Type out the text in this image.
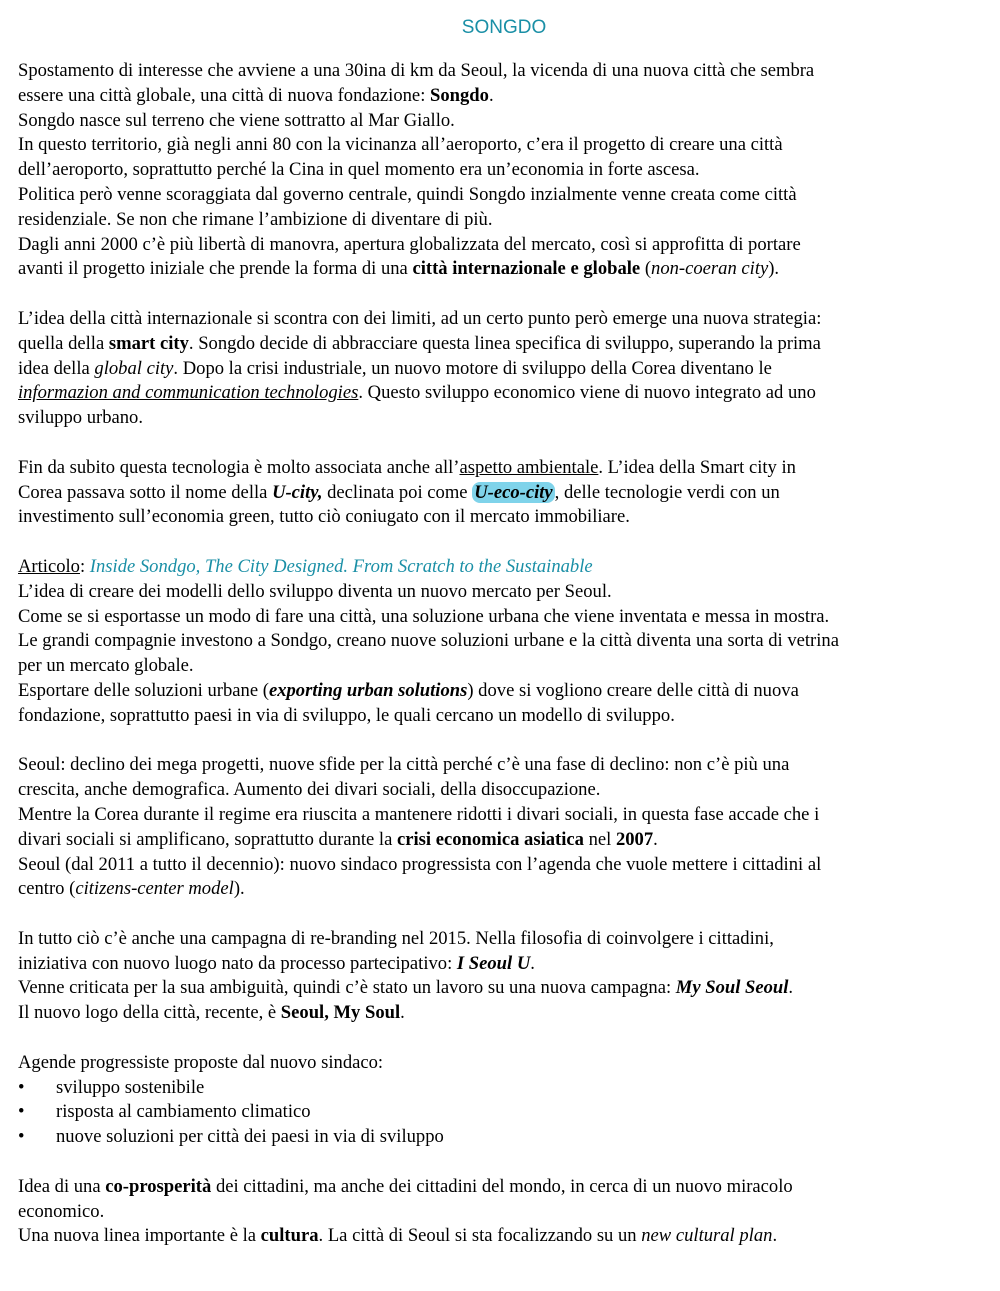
SONGDO
Spostamento di interesse che avviene a una 30ina di km da Seoul, la vicenda di una nuova città che sembra
essere una città globale, una città di nuova fondazione: Songdo.
Songdo nasce sul terreno che viene sottratto al Mar Giallo.
In questo territorio, già negli anni 80 con la vicinanza all’aeroporto, c’era il progetto di creare una città
dell’aeroporto, soprattutto perché la Cina in quel momento era un’economia in forte ascesa.
Politica però venne scoraggiata dal governo centrale, quindi Songdo inzialmente venne creata come città
residenziale. Se non che rimane l’ambizione di diventare di più.
Dagli anni 2000 c’è più libertà di manovra, apertura globalizzata del mercato, così si approfitta di portare
avanti il progetto iniziale che prende la forma di una città internazionale e globale (non-coeran city).
L’idea della città internazionale si scontra con dei limiti, ad un certo punto però emerge una nuova strategia:
quella della smart city. Songdo decide di abbracciare questa linea specifica di sviluppo, superando la prima
idea della global city. Dopo la crisi industriale, un nuovo motore di sviluppo della Corea diventano le
informazion and communication technologies. Questo sviluppo economico viene di nuovo integrato ad uno
sviluppo urbano.
Fin da subito questa tecnologia è molto associata anche all’aspetto ambientale. L’idea della Smart city in
Corea passava sotto il nome della U-city, declinata poi come U-eco-city , delle tecnologie verdi con un
investimento sull’economia green, tutto ciò coniugato con il mercato immobiliare.
Articolo: Inside Sondgo, The City Designed. From Scratch to the Sustainable
L’idea di creare dei modelli dello sviluppo diventa un nuovo mercato per Seoul.
Come se si esportasse un modo di fare una città, una soluzione urbana che viene inventata e messa in mostra.
Le grandi compagnie investono a Sondgo, creano nuove soluzioni urbane e la città diventa una sorta di vetrina
per un mercato globale.
Esportare delle soluzioni urbane (exporting urban solutions) dove si vogliono creare delle città di nuova
fondazione, soprattutto paesi in via di sviluppo, le quali cercano un modello di sviluppo.
Seoul: declino dei mega progetti, nuove sfide per la città perché c’è una fase di declino: non c’è più una
crescita, anche demografica. Aumento dei divari sociali, della disoccupazione.
Mentre la Corea durante il regime era riuscita a mantenere ridotti i divari sociali, in questa fase accade che i
divari sociali si amplificano, soprattutto durante la crisi economica asiatica nel 2007.
Seoul (dal 2011 a tutto il decennio): nuovo sindaco progressista con l’agenda che vuole mettere i cittadini al
centro (citizens-center model).
In tutto ciò c’è anche una campagna di re-branding nel 2015. Nella filosofia di coinvolgere i cittadini,
iniziativa con nuovo luogo nato da processo partecipativo: I Seoul U.
Venne criticata per la sua ambiguità, quindi c’è stato un lavoro su una nuova campagna: My Soul Seoul.
Il nuovo logo della città, recente, è Seoul, My Soul.
Agende progressiste proposte dal nuovo sindaco:
• sviluppo sostenibile
• risposta al cambiamento climatico
• nuove soluzioni per città dei paesi in via di sviluppo
Idea di una co-prosperità dei cittadini, ma anche dei cittadini del mondo, in cerca di un nuovo miracolo
economico.
Una nuova linea importante è la cultura. La città di Seoul si sta focalizzando su un new cultural plan.
